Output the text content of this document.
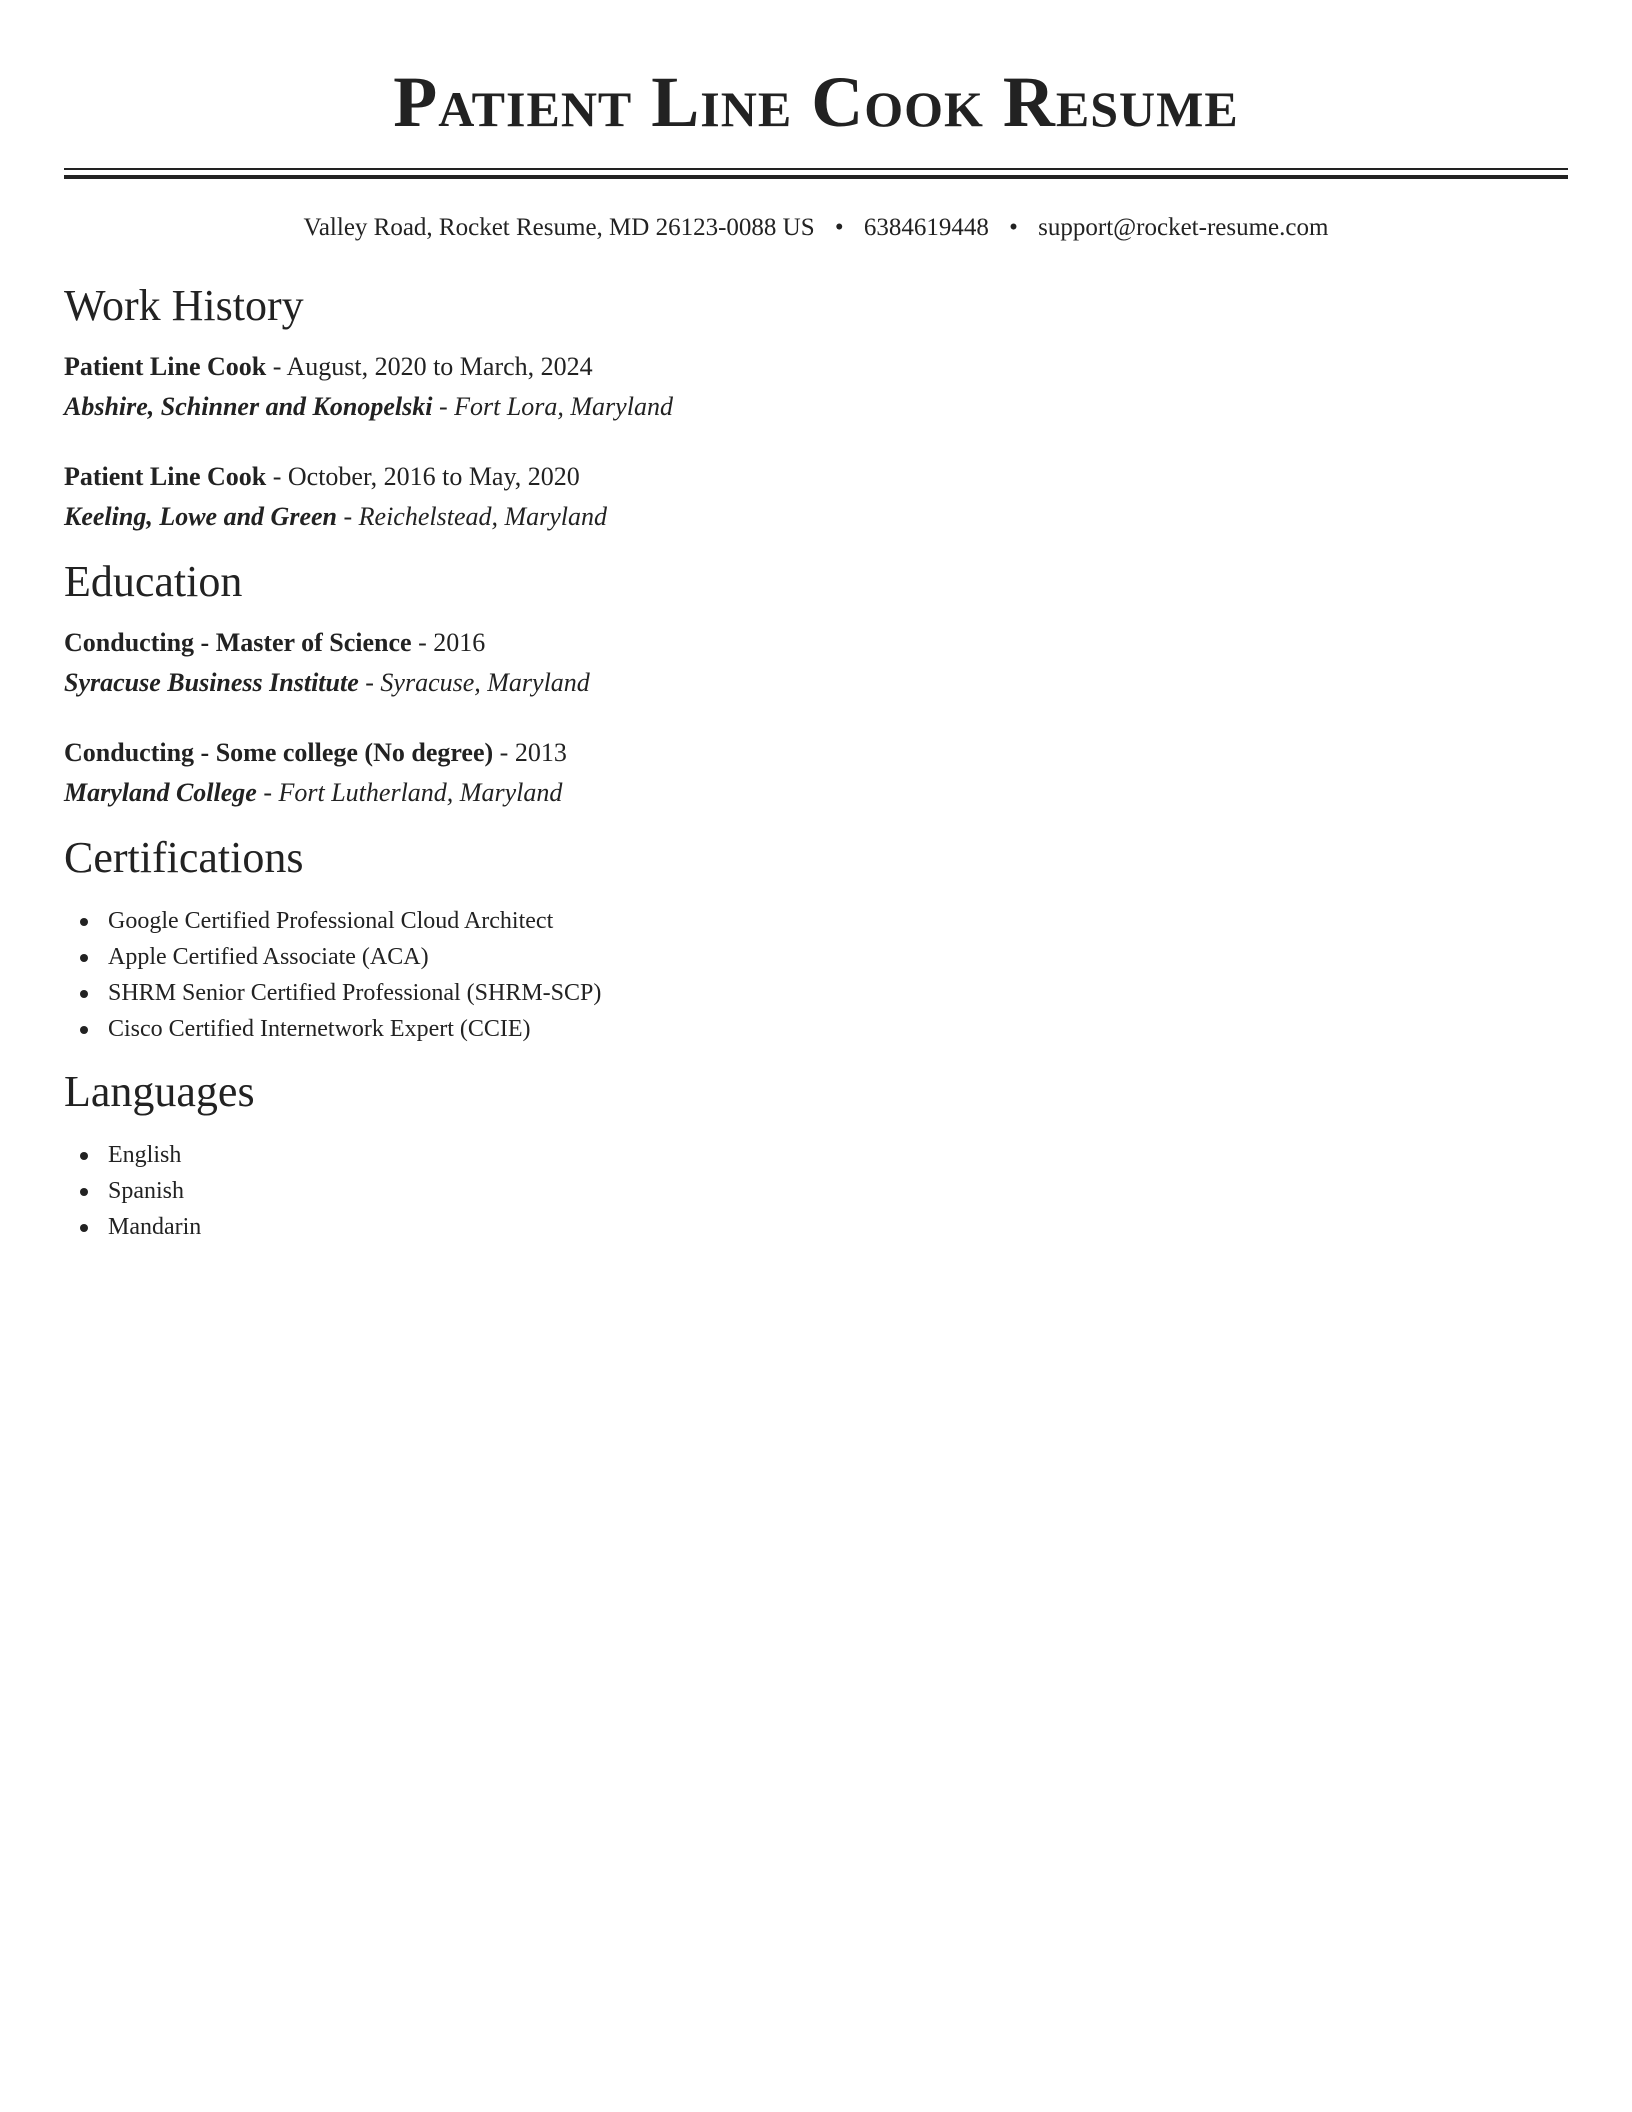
Patient Line Cook Resume
Valley Road, Rocket Resume, MD 26123-0088 US • 6384619448 • support@rocket-resume.com
Work History
Patient Line Cook - August, 2020 to March, 2024
Abshire, Schinner and Konopelski - Fort Lora, Maryland
Patient Line Cook - October, 2016 to May, 2020
Keeling, Lowe and Green - Reichelstead, Maryland
Education
Conducting - Master of Science - 2016
Syracuse Business Institute - Syracuse, Maryland
Conducting - Some college (No degree) - 2013
Maryland College - Fort Lutherland, Maryland
Certifications
Google Certified Professional Cloud Architect
Apple Certified Associate (ACA)
SHRM Senior Certified Professional (SHRM-SCP)
Cisco Certified Internetwork Expert (CCIE)
Languages
English
Spanish
Mandarin
